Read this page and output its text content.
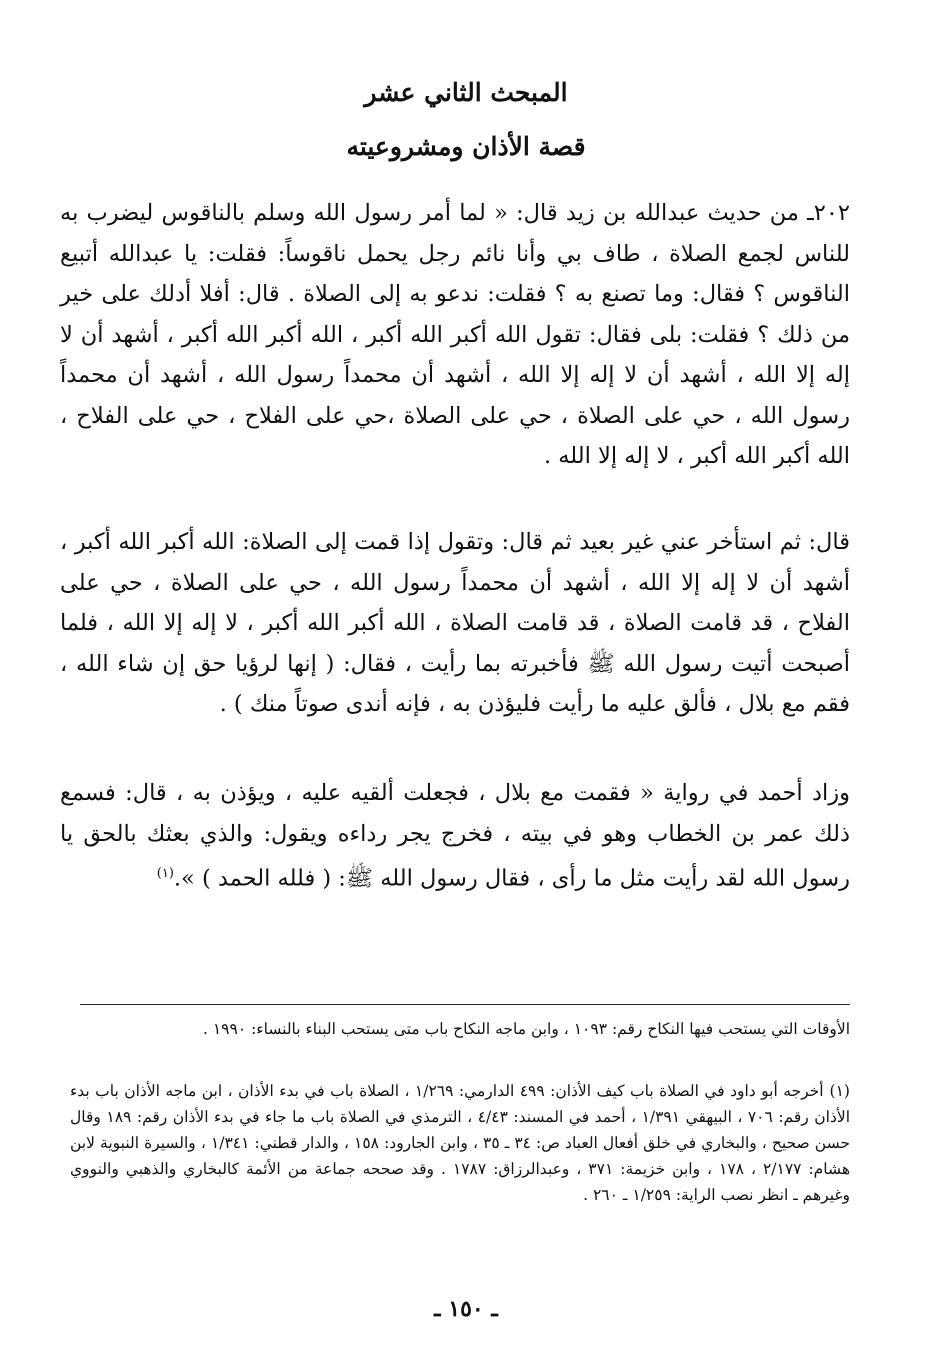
المبحث الثاني عشر
قصة الأذان ومشروعيته
٢٠٢ـ من حديث عبدالله بن زيد قال: « لما أمر رسول الله وسلم بالناقوس ليضرب به للناس لجمع الصلاة ، طاف بي وأنا نائم رجل يحمل ناقوساً: فقلت: يا عبدالله أتبيع الناقوس ؟ فقال: وما تصنع به ؟ فقلت: ندعو به إلى الصلاة . قال: أفلا أدلك على خير من ذلك ؟ فقلت: بلى فقال: تقول الله أكبر الله أكبر ، الله أكبر الله أكبر ، أشهد أن لا إله إلا الله ، أشهد أن لا إله إلا الله ، أشهد أن محمداً رسول الله ، أشهد أن محمداً رسول الله ، حي على الصلاة ، حي على الصلاة ،حي على الفلاح ، حي على الفلاح ، الله أكبر الله أكبر ، لا إله إلا الله .
قال: ثم استأخر عني غير بعيد ثم قال: وتقول إذا قمت إلى الصلاة: الله أكبر الله أكبر ، أشهد أن لا إله إلا الله ، أشهد أن محمداً رسول الله ، حي على الصلاة ، حي على الفلاح ، قد قامت الصلاة ، قد قامت الصلاة ، الله أكبر الله أكبر ، لا إله إلا الله ، فلما أصبحت أتيت رسول الله ﷺ فأخبرته بما رأيت ، فقال: ( إنها لرؤيا حق إن شاء الله ، فقم مع بلال ، فألق عليه ما رأيت فليؤذن به ، فإنه أندى صوتاً منك ) .
وزاد أحمد في رواية « فقمت مع بلال ، فجعلت ألقيه عليه ، ويؤذن به ، قال: فسمع ذلك عمر بن الخطاب وهو في بيته ، فخرج يجر رداءه ويقول: والذي بعثك بالحق يا رسول الله لقد رأيت مثل ما رأى ، فقال رسول الله ﷺ: ( فلله الحمد ) ».$^{(١)}$
الأوقات التي يستحب فيها النكاح رقم: ١٠٩٣ ، وابن ماجه النكاح باب متى يستحب البناء بالنساء: ١٩٩٠ .
(١)أخرجه أبو داود في الصلاة باب كيف الأذان: ٤٩٩ الدارمي: ١/٢٦٩ ، الصلاة باب في بدء الأذان ، ابن ماجه الأذان باب بدء الأذان رقم: ٧٠٦ ، البيهقي ١/٣٩١ ، أحمد في المسند: ٤/٤٣ ، الترمذي في الصلاة باب ما جاء في بدء الأذان رقم: ١٨٩ وقال حسن صحيح ، والبخاري في خلق أفعال العباد ص: ٣٤ ـ ٣٥ ، وابن الجارود: ١٥٨ ، والدار قطني: ١/٣٤١ ، والسيرة النبوية لابن هشام: ٢/١٧٧ ، ١٧٨ ، وابن خزيمة: ٣٧١ ، وعبدالرزاق: ١٧٨٧ . وقد صححه جماعة من الأئمة كالبخاري والذهبي والنووي وغيرهم ـ انظر نصب الراية: ١/٢٥٩ ـ ٢٦٠ .
ـ ١٥٠ ـ
